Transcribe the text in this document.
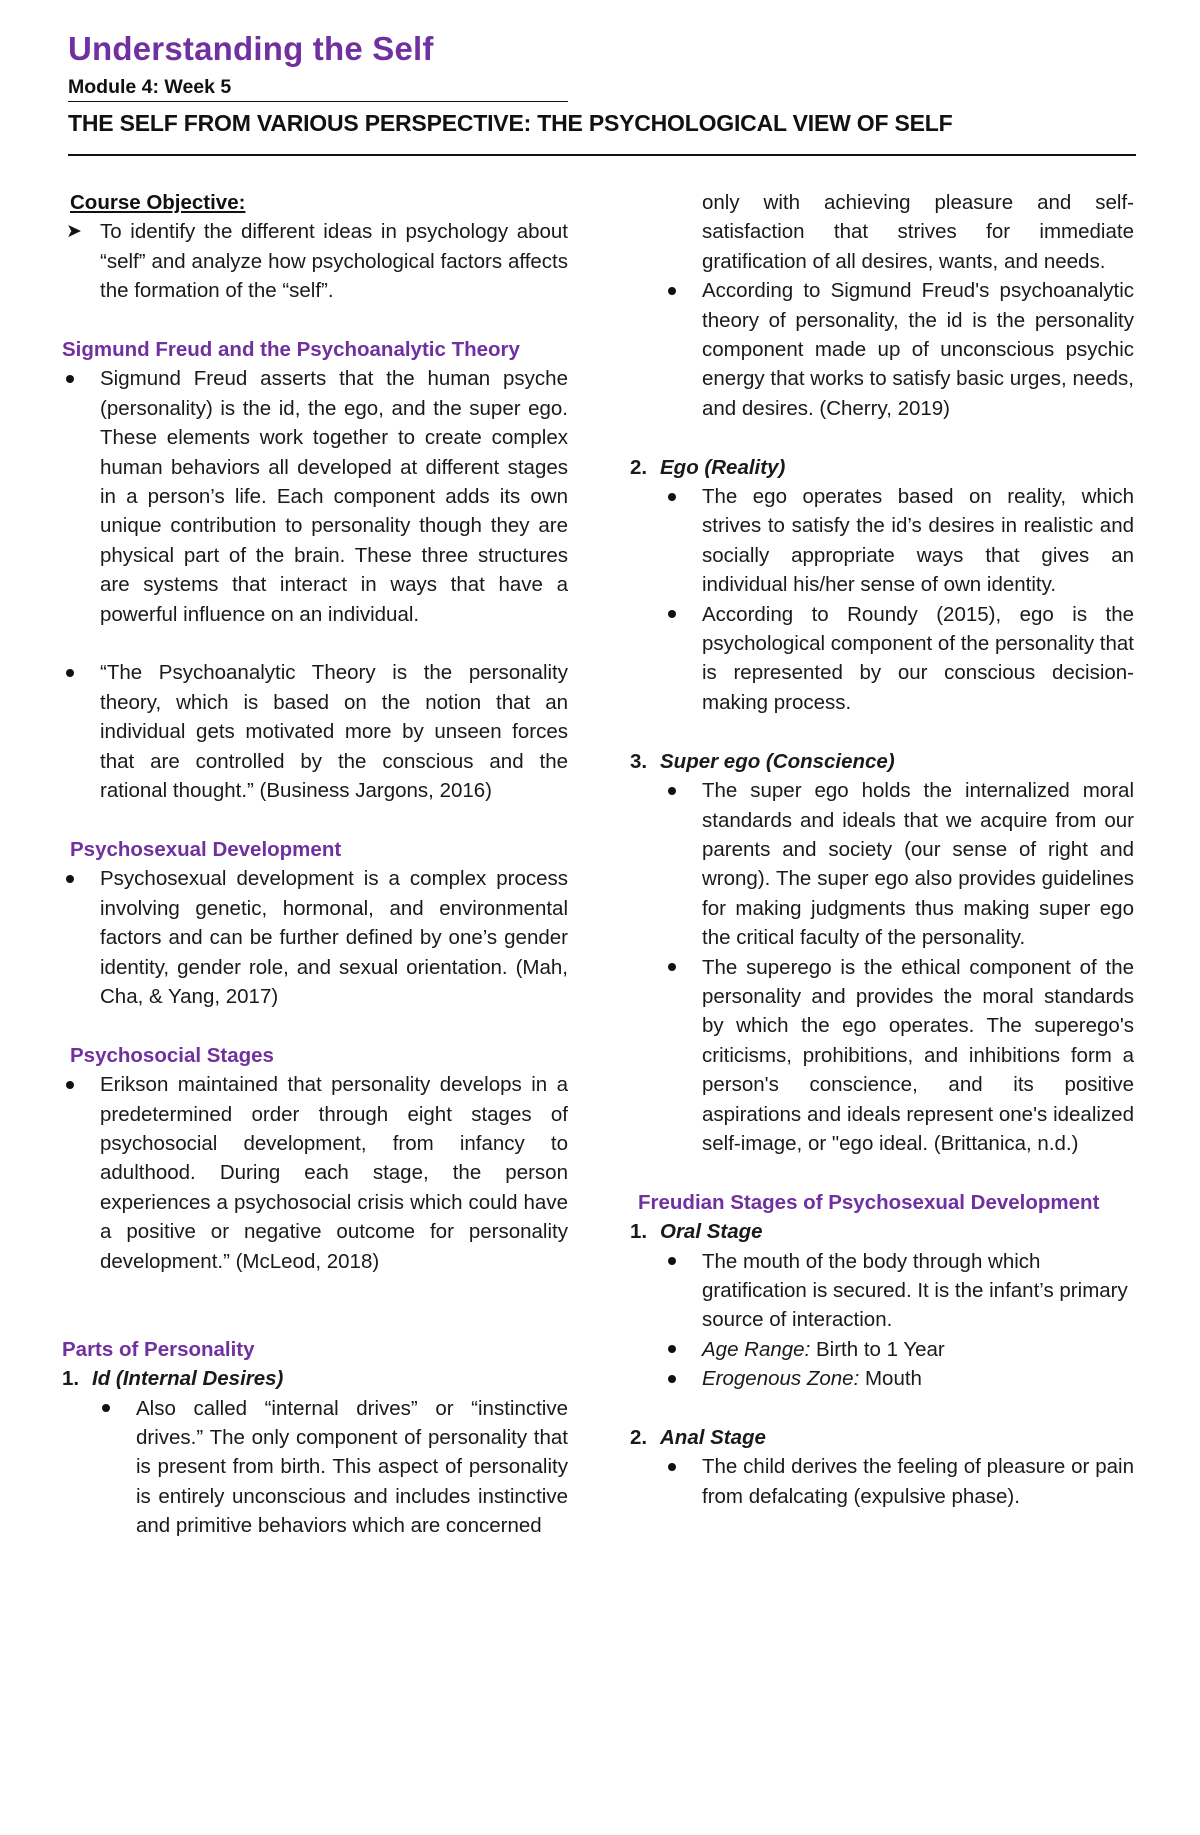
Understanding the Self
Module 4: Week 5
THE SELF FROM VARIOUS PERSPECTIVE: THE PSYCHOLOGICAL VIEW OF SELF

Course Objective:

➤ To identify the different ideas in psychology about “self” and analyze how psychological factors affects the formation of the “self”.

Sigmund Freud and the Psychoanalytic Theory

Sigmund Freud asserts that the human psyche (personality) is the id, the ego, and the super ego. These elements work together to create complex human behaviors all developed at different stages in a person’s life. Each component adds its own unique contribution to personality though they are physical part of the brain. These three structures are systems that interact in ways that have a powerful influence on an individual.
“The Psychoanalytic Theory is the personality theory, which is based on the notion that an individual gets motivated more by unseen forces that are controlled by the conscious and the rational thought.” (Business Jargons, 2016)

Psychosexual Development

Psychosexual development is a complex process involving genetic, hormonal, and environmental factors and can be further defined by one’s gender identity, gender role, and sexual orientation. (Mah, Cha, & Yang, 2017)

Psychosocial Stages

Erikson maintained that personality develops in a predetermined order through eight stages of psychosocial development, from infancy to adulthood. During each stage, the person experiences a psychosocial crisis which could have a positive or negative outcome for personality development.” (McLeod, 2018)

Parts of Personality

1. Id (Internal Desires)
Also called “internal drives” or “instinctive drives.” The only component of personality that is present from birth. This aspect of personality is entirely unconscious and includes instinctive and primitive behaviors which are concerned

only with achieving pleasure and self-satisfaction that strives for immediate gratification of all desires, wants, and needs.

According to Sigmund Freud's psychoanalytic theory of personality, the id is the personality component made up of unconscious psychic energy that works to satisfy basic urges, needs, and desires. (Cherry, 2019)
2. Ego (Reality)
The ego operates based on reality, which strives to satisfy the id’s desires in realistic and socially appropriate ways that gives an individual his/her sense of own identity.
According to Roundy (2015), ego is the psychological component of the personality that is represented by our conscious decision-making process.
3. Super ego (Conscience)
The super ego holds the internalized moral standards and ideals that we acquire from our parents and society (our sense of right and wrong). The super ego also provides guidelines for making judgments thus making super ego the critical faculty of the personality.
The superego is the ethical component of the personality and provides the moral standards by which the ego operates. The superego's criticisms, prohibitions, and inhibitions form a person's conscience, and its positive aspirations and ideals represent one's idealized self-image, or "ego ideal. (Brittanica, n.d.)

Freudian Stages of Psychosexual Development

1. Oral Stage
The mouth of the body through which gratification is secured. It is the infant’s primary source of interaction.
Age Range: Birth to 1 Year
Erogenous Zone: Mouth
2. Anal Stage
The child derives the feeling of pleasure or pain from defalcating (expulsive phase).
